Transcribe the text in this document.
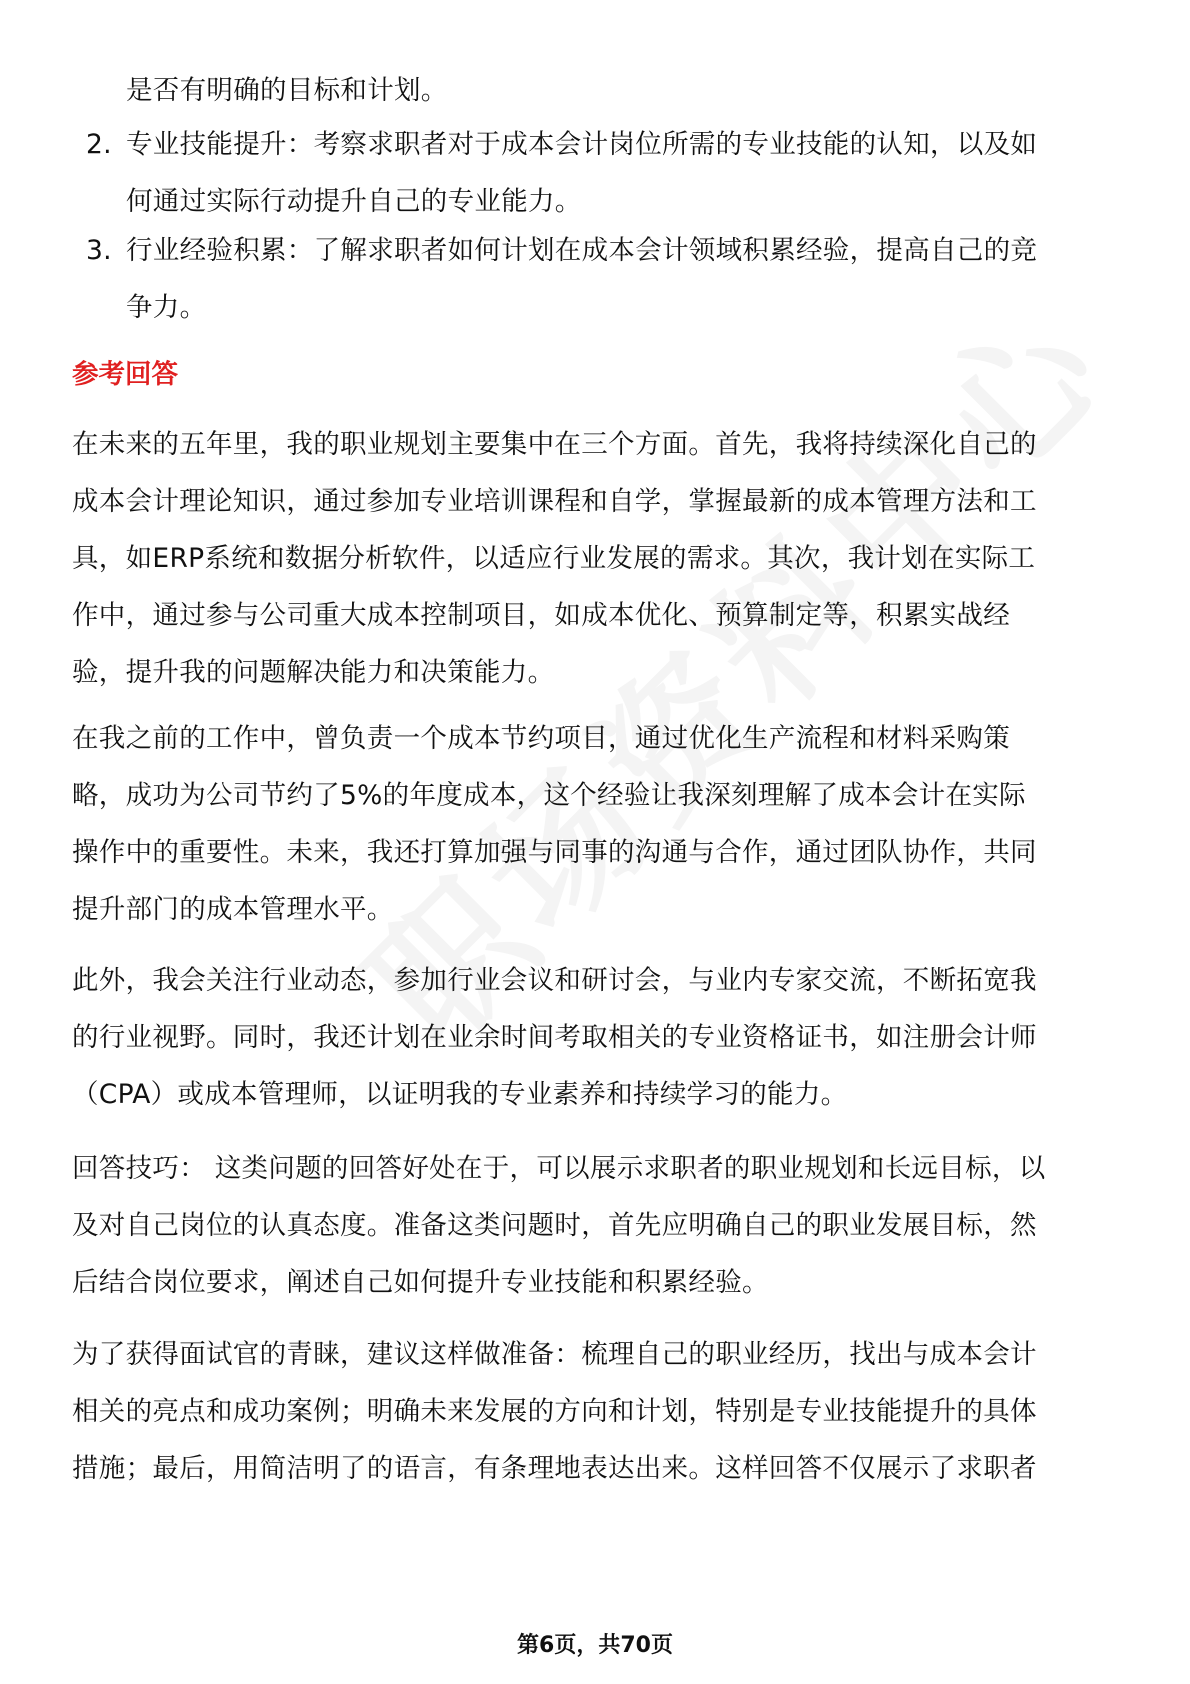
是否有明确的目标和计划。
2. 专业技能提升：考察求职者对于成本会计岗位所需的专业技能的认知，以及如
何通过实际行动提升自己的专业能力。
3. 行业经验积累：了解求职者如何计划在成本会计领域积累经验，提高自己的竞
争力。
参考回答
在未来的五年里，我的职业规划主要集中在三个方面。首先，我将持续深化自己的
成本会计理论知识，通过参加专业培训课程和自学，掌握最新的成本管理方法和工
具，如ERP系统和数据分析软件，以适应行业发展的需求。其次，我计划在实际工
作中，通过参与公司重大成本控制项目，如成本优化、预算制定等，积累实战经
验，提升我的问题解决能力和决策能力。
在我之前的工作中，曾负责一个成本节约项目，通过优化生产流程和材料采购策
略，成功为公司节约了5%的年度成本，这个经验让我深刻理解了成本会计在实际
操作中的重要性。未来，我还打算加强与同事的沟通与合作，通过团队协作，共同
提升部门的成本管理水平。
此外，我会关注行业动态，参加行业会议和研讨会，与业内专家交流，不断拓宽我
的行业视野。同时，我还计划在业余时间考取相关的专业资格证书，如注册会计师
（CPA）或成本管理师，以证明我的专业素养和持续学习的能力。
回答技巧： 这类问题的回答好处在于，可以展示求职者的职业规划和长远目标，以
及对自己岗位的认真态度。准备这类问题时，首先应明确自己的职业发展目标，然
后结合岗位要求，阐述自己如何提升专业技能和积累经验。
为了获得面试官的青睐，建议这样做准备：梳理自己的职业经历，找出与成本会计
相关的亮点和成功案例；明确未来发展的方向和计划，特别是专业技能提升的具体
措施；最后，用简洁明了的语言，有条理地表达出来。这样回答不仅展示了求职者
第6页，共70页
